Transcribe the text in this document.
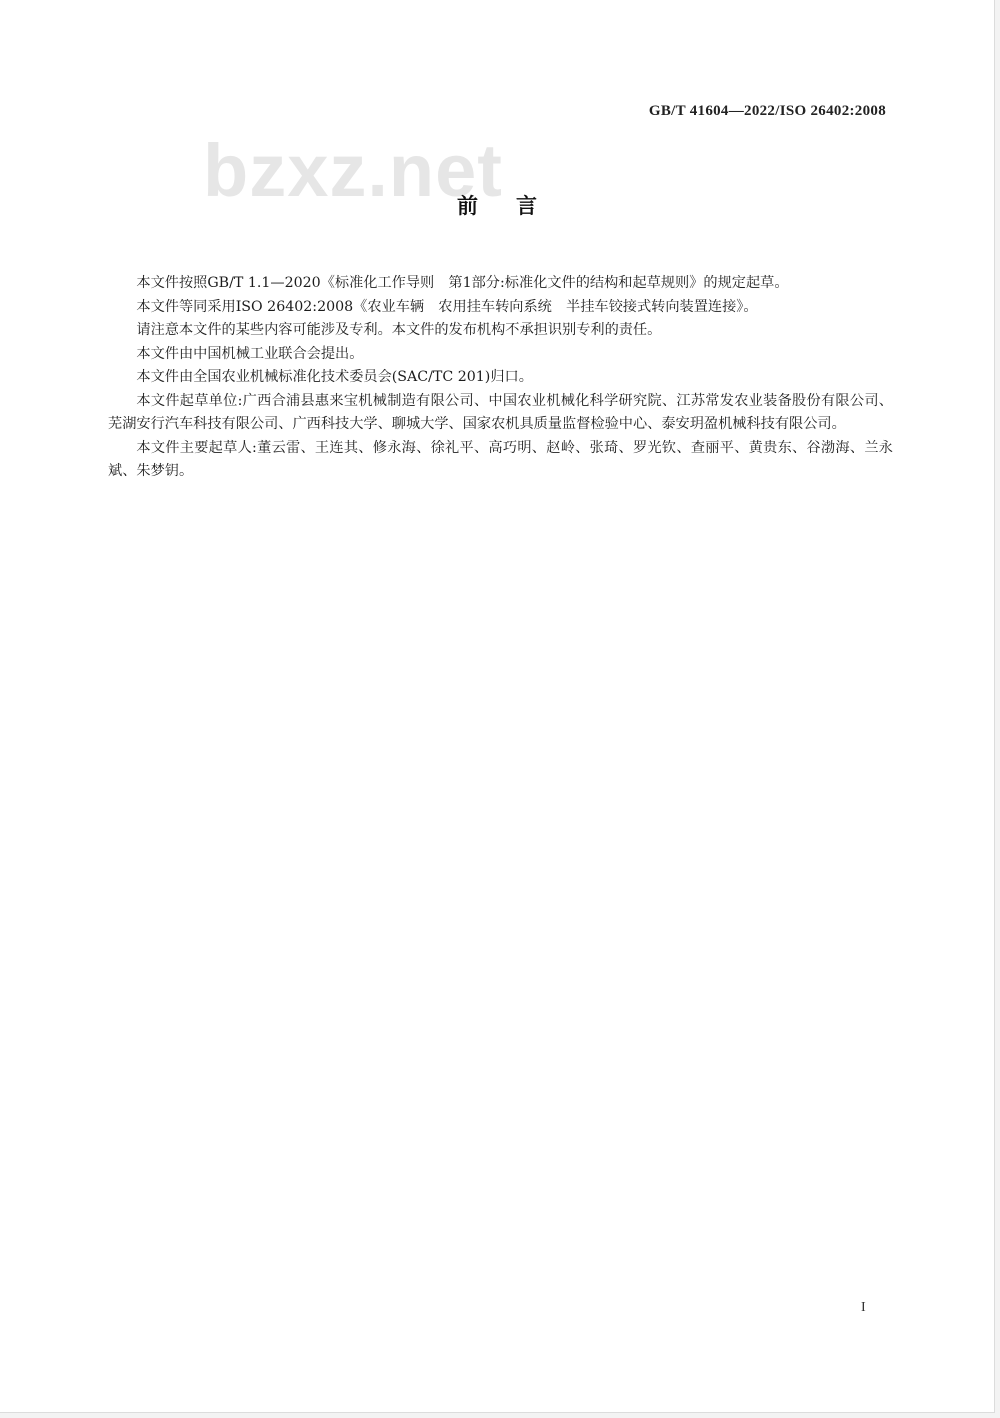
GB/T 41604—2022/ISO 26402:2008
bzxz.net
前言

本文件按照GB/T 1.1—2020《标准化工作导则　第1部分:标准化文件的结构和起草规则》的规定起草。

本文件等同采用ISO 26402:2008《农业车辆　农用挂车转向系统　半挂车铰接式转向装置连接》。

请注意本文件的某些内容可能涉及专利。本文件的发布机构不承担识别专利的责任。

本文件由中国机械工业联合会提出。

本文件由全国农业机械标准化技术委员会(SAC/TC 201)归口。

本文件起草单位:广西合浦县惠来宝机械制造有限公司、中国农业机械化科学研究院、江苏常发农业装备股份有限公司、芜湖安行汽车科技有限公司、广西科技大学、聊城大学、国家农机具质量监督检验中心、泰安玥盈机械科技有限公司。

本文件主要起草人:董云雷、王连其、修永海、徐礼平、高巧明、赵岭、张琦、罗光钦、查丽平、黄贵东、谷渤海、兰永斌、朱梦钥。

I
